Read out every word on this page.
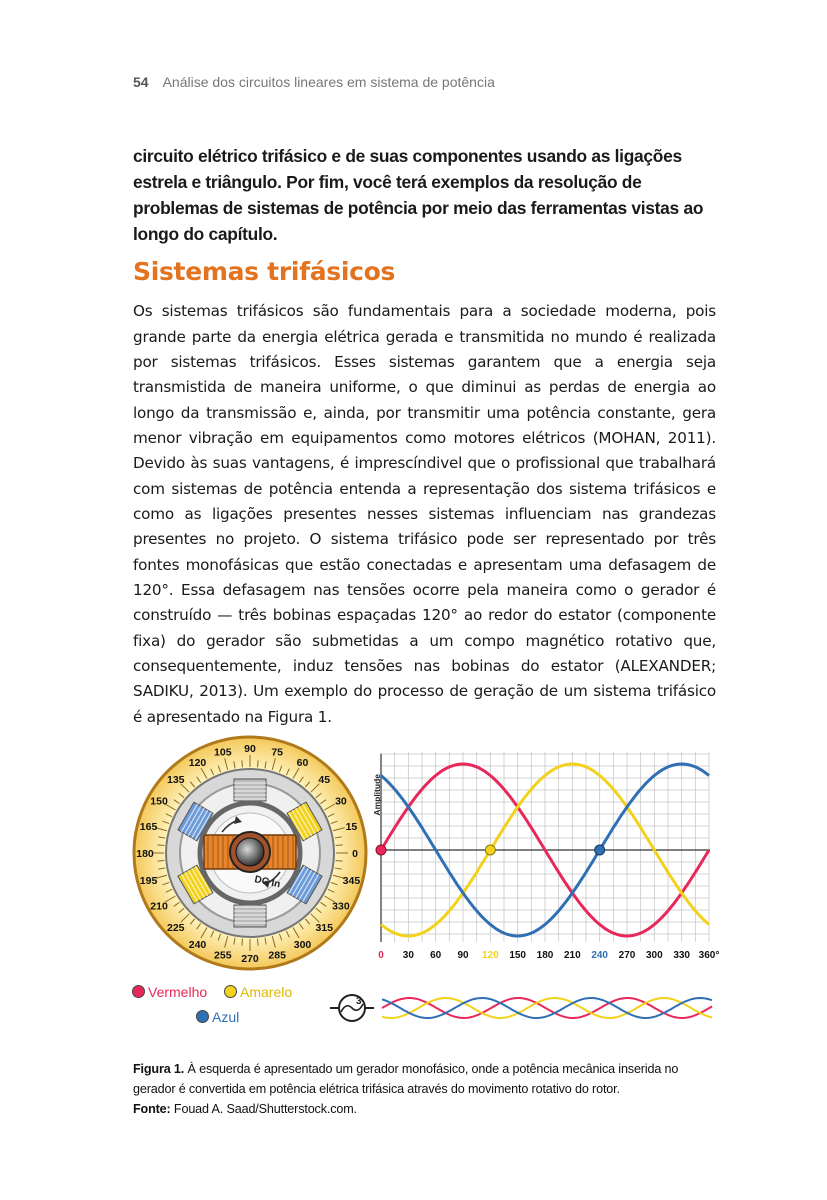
54 Análise dos circuitos lineares em sistema de potência

circuito elétrico trifásico e de suas componentes usando as ligações estrela e triângulo. Por fim, você terá exemplos da resolução de problemas de sistemas de potência por meio das ferramentas vistas ao longo do capítulo.

Sistemas trifásicos

Os sistemas trifásicos são fundamentais para a sociedade moderna, pois grande parte da energia elétrica gerada e transmitida no mundo é realizada por sistemas trifásicos. Esses sistemas garantem que a energia seja transmistida de maneira uniforme, o que diminui as perdas de energia ao longo da transmissão e, ainda, por transmitir uma potência constante, gera menor vibração em equipamentos como motores elétricos (MOHAN, 2011). Devido às suas vantagens, é imprescíndivel que o profissional que trabalhará com sistemas de potência entenda a representação dos sistema trifásicos e como as ligações presentes nesses sistemas influenciam nas grandezas presentes no projeto. O sistema trifásico pode ser representado por três fontes monofásicas que estão conectadas e apresentam uma defasagem de 120°. Essa defasagem nas tensões ocorre pela maneira como o gerador é construído — três bobinas espaçadas 120° ao redor do estator (componente fixa) do gerador são submetidas a um compo magnético rotativo que, consequentemente, induz tensões nas bobinas do estator (ALEXANDER; SADIKU, 2013). Um exemplo do processo de geração de um sistema trifásico é apresentado na Figura 1.

DC In
0
15
30
45
60
75
90
105
120
135
150
165
180
195
210
225
240
255 270 285
300
315
330
345
Amplitude
0 30 60 90 120 150 180 210 240 270 300 330 360°
3
Vermelho	Amarelo
Azul

Figura 1. À esquerda é apresentado um gerador monofásico, onde a potência mecânica inserida no gerador é convertida em potência elétrica trifásica através do movimento rotativo do rotor.
Fonte: Fouad A. Saad/Shutterstock.com.
